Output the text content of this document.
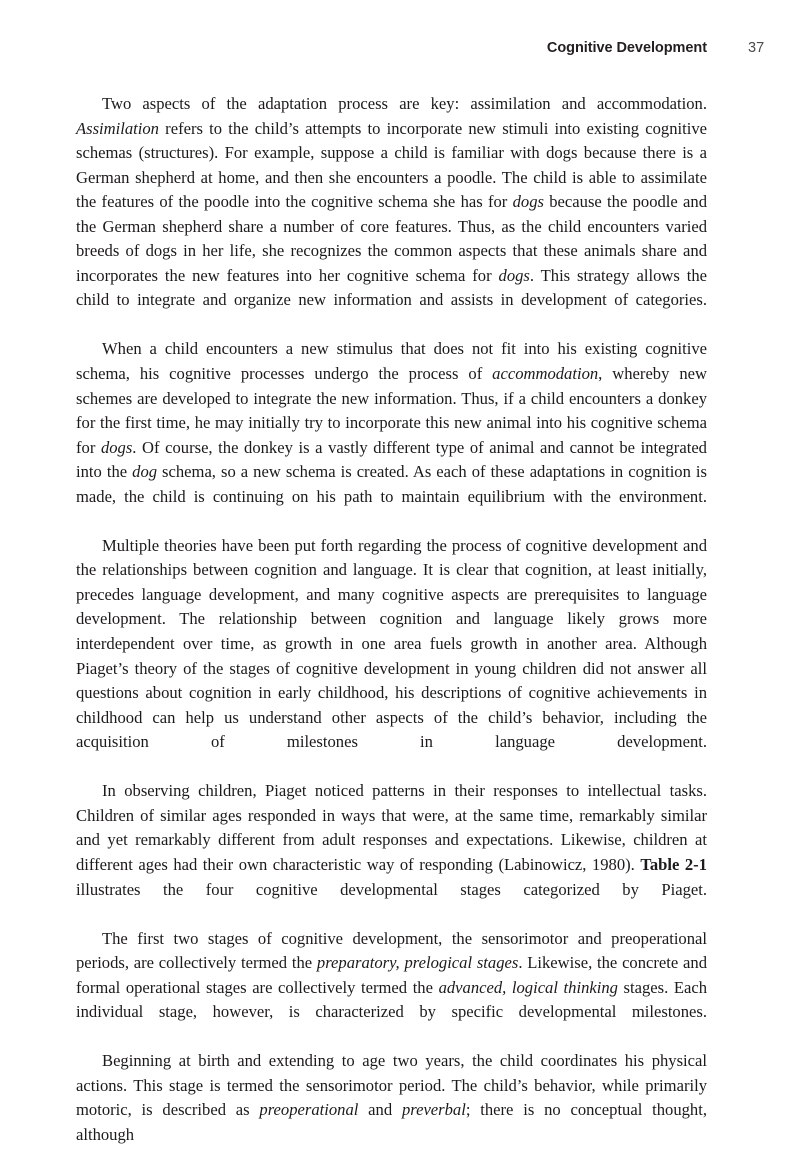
Cognitive Development	37

Two aspects of the adaptation process are key: assimilation and accommodation. Assimilation refers to the child’s attempts to incorporate new stimuli into existing cognitive schemas (structures). For example, suppose a child is familiar with dogs because there is a German shepherd at home, and then she encounters a poodle. The child is able to assimilate the features of the poodle into the cognitive schema she has for dogs because the poodle and the German shepherd share a number of core features. Thus, as the child encounters varied breeds of dogs in her life, she recognizes the common aspects that these animals share and incorporates the new features into her cognitive schema for dogs. This strategy allows the child to integrate and organize new information and assists in development of categories.

When a child encounters a new stimulus that does not fit into his existing cognitive schema, his cognitive processes undergo the process of accommodation, whereby new schemes are developed to integrate the new information. Thus, if a child encounters a donkey for the first time, he may initially try to incorporate this new animal into his cognitive schema for dogs. Of course, the donkey is a vastly different type of animal and cannot be integrated into the dog schema, so a new schema is created. As each of these adaptations in cognition is made, the child is continuing on his path to maintain equilibrium with the environment.

Multiple theories have been put forth regarding the process of cognitive development and the relationships between cognition and language. It is clear that cognition, at least initially, precedes language development, and many cognitive aspects are prerequisites to language development. The relationship between cognition and language likely grows more interdependent over time, as growth in one area fuels growth in another area. Although Piaget’s theory of the stages of cognitive development in young children did not answer all questions about cognition in early childhood, his descriptions of cognitive achievements in childhood can help us understand other aspects of the child’s behavior, including the acquisition of milestones in language development.

In observing children, Piaget noticed patterns in their responses to intellectual tasks. Children of similar ages responded in ways that were, at the same time, remarkably similar and yet remarkably different from adult responses and expectations. Likewise, children at different ages had their own characteristic way of responding (Labinowicz, 1980). Table 2-1 illustrates the four cognitive developmental stages categorized by Piaget.

The first two stages of cognitive development, the sensorimotor and preoperational periods, are collectively termed the preparatory, prelogical stages. Likewise, the concrete and formal operational stages are collectively termed the advanced, logical thinking stages. Each individual stage, however, is characterized by specific developmental milestones.

Beginning at birth and extending to age two years, the child coordinates his physical actions. This stage is termed the sensorimotor period. The child’s behavior, while primarily motoric, is described as preoperational and preverbal; there is no conceptual thought, although
